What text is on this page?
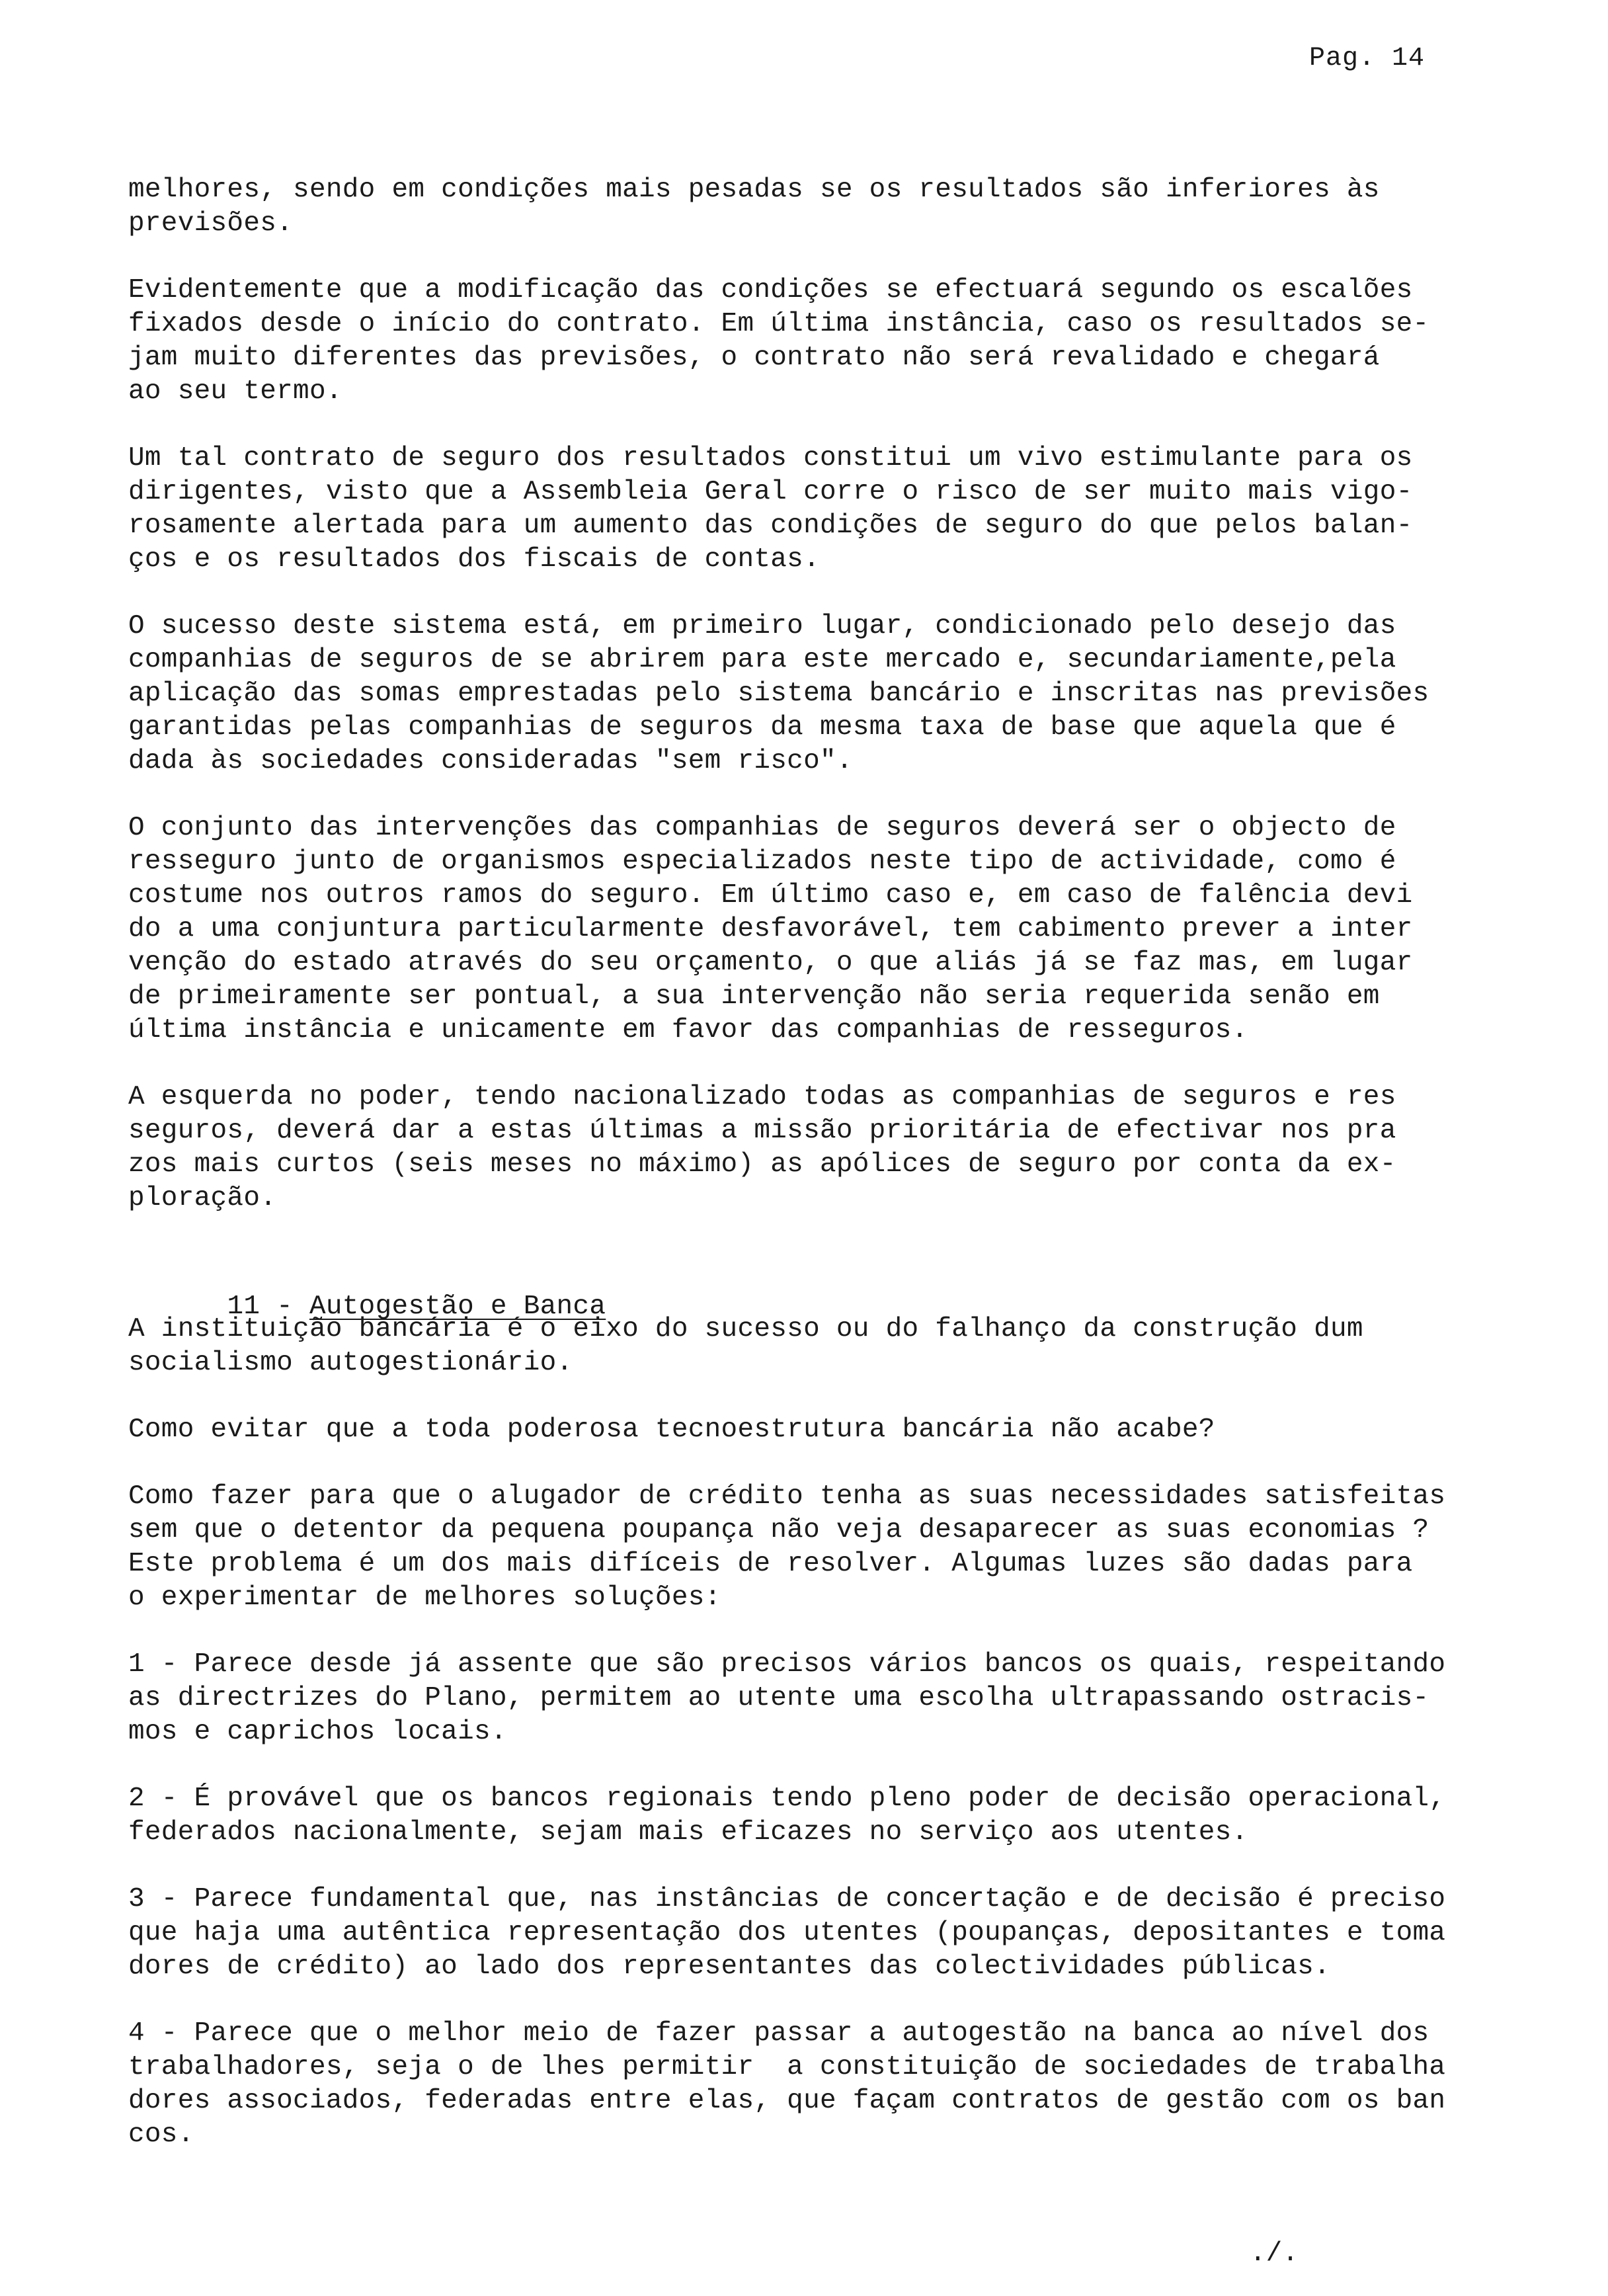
Pag. 14
melhores, sendo em condições mais pesadas se os resultados são inferiores às
previsões.
Evidentemente que a modificação das condições se efectuará segundo os escalões
fixados desde o início do contrato. Em última instância, caso os resultados se-
jam muito diferentes das previsões, o contrato não será revalidado e chegará
ao seu termo.
Um tal contrato de seguro dos resultados constitui um vivo estimulante para os
dirigentes, visto que a Assembleia Geral corre o risco de ser muito mais vigo-
rosamente alertada para um aumento das condições de seguro do que pelos balan-
ços e os resultados dos fiscais de contas.
O sucesso deste sistema está, em primeiro lugar, condicionado pelo desejo das
companhias de seguros de se abrirem para este mercado e, secundariamente,pela
aplicação das somas emprestadas pelo sistema bancário e inscritas nas previsões
garantidas pelas companhias de seguros da mesma taxa de base que aquela que é
dada às sociedades consideradas "sem risco".
O conjunto das intervenções das companhias de seguros deverá ser o objecto de
resseguro junto de organismos especializados neste tipo de actividade, como é
costume nos outros ramos do seguro. Em último caso e, em caso de falência devi
do a uma conjuntura particularmente desfavorável, tem cabimento prever a inter
venção do estado através do seu orçamento, o que aliás já se faz mas, em lugar
de primeiramente ser pontual, a sua intervenção não seria requerida senão em
última instância e unicamente em favor das companhias de resseguros.
A esquerda no poder, tendo nacionalizado todas as companhias de seguros e res
seguros, deverá dar a estas últimas a missão prioritária de efectivar nos pra
zos mais curtos (seis meses no máximo) as apólices de seguro por conta da ex-
ploração.

11 - Autogestão e Banca

A instituição bancária é o eixo do sucesso ou do falhanço da construção dum
socialismo autogestionário.
Como evitar que a toda poderosa tecnoestrutura bancária não acabe?
Como fazer para que o alugador de crédito tenha as suas necessidades satisfeitas
sem que o detentor da pequena poupança não veja desaparecer as suas economias ?
Este problema é um dos mais difíceis de resolver. Algumas luzes são dadas para
o experimentar de melhores soluções:
1 - Parece desde já assente que são precisos vários bancos os quais, respeitando
as directrizes do Plano, permitem ao utente uma escolha ultrapassando ostracis-
mos e caprichos locais.
2 - É provável que os bancos regionais tendo pleno poder de decisão operacional,
federados nacionalmente, sejam mais eficazes no serviço aos utentes.
3 - Parece fundamental que, nas instâncias de concertação e de decisão é preciso
que haja uma autêntica representação dos utentes (poupanças, depositantes e toma
dores de crédito) ao lado dos representantes das colectividades públicas.
4 - Parece que o melhor meio de fazer passar a autogestão na banca ao nível dos
trabalhadores, seja o de lhes permitir  a constituição de sociedades de trabalha
dores associados, federadas entre elas, que façam contratos de gestão com os ban
cos.
./.
